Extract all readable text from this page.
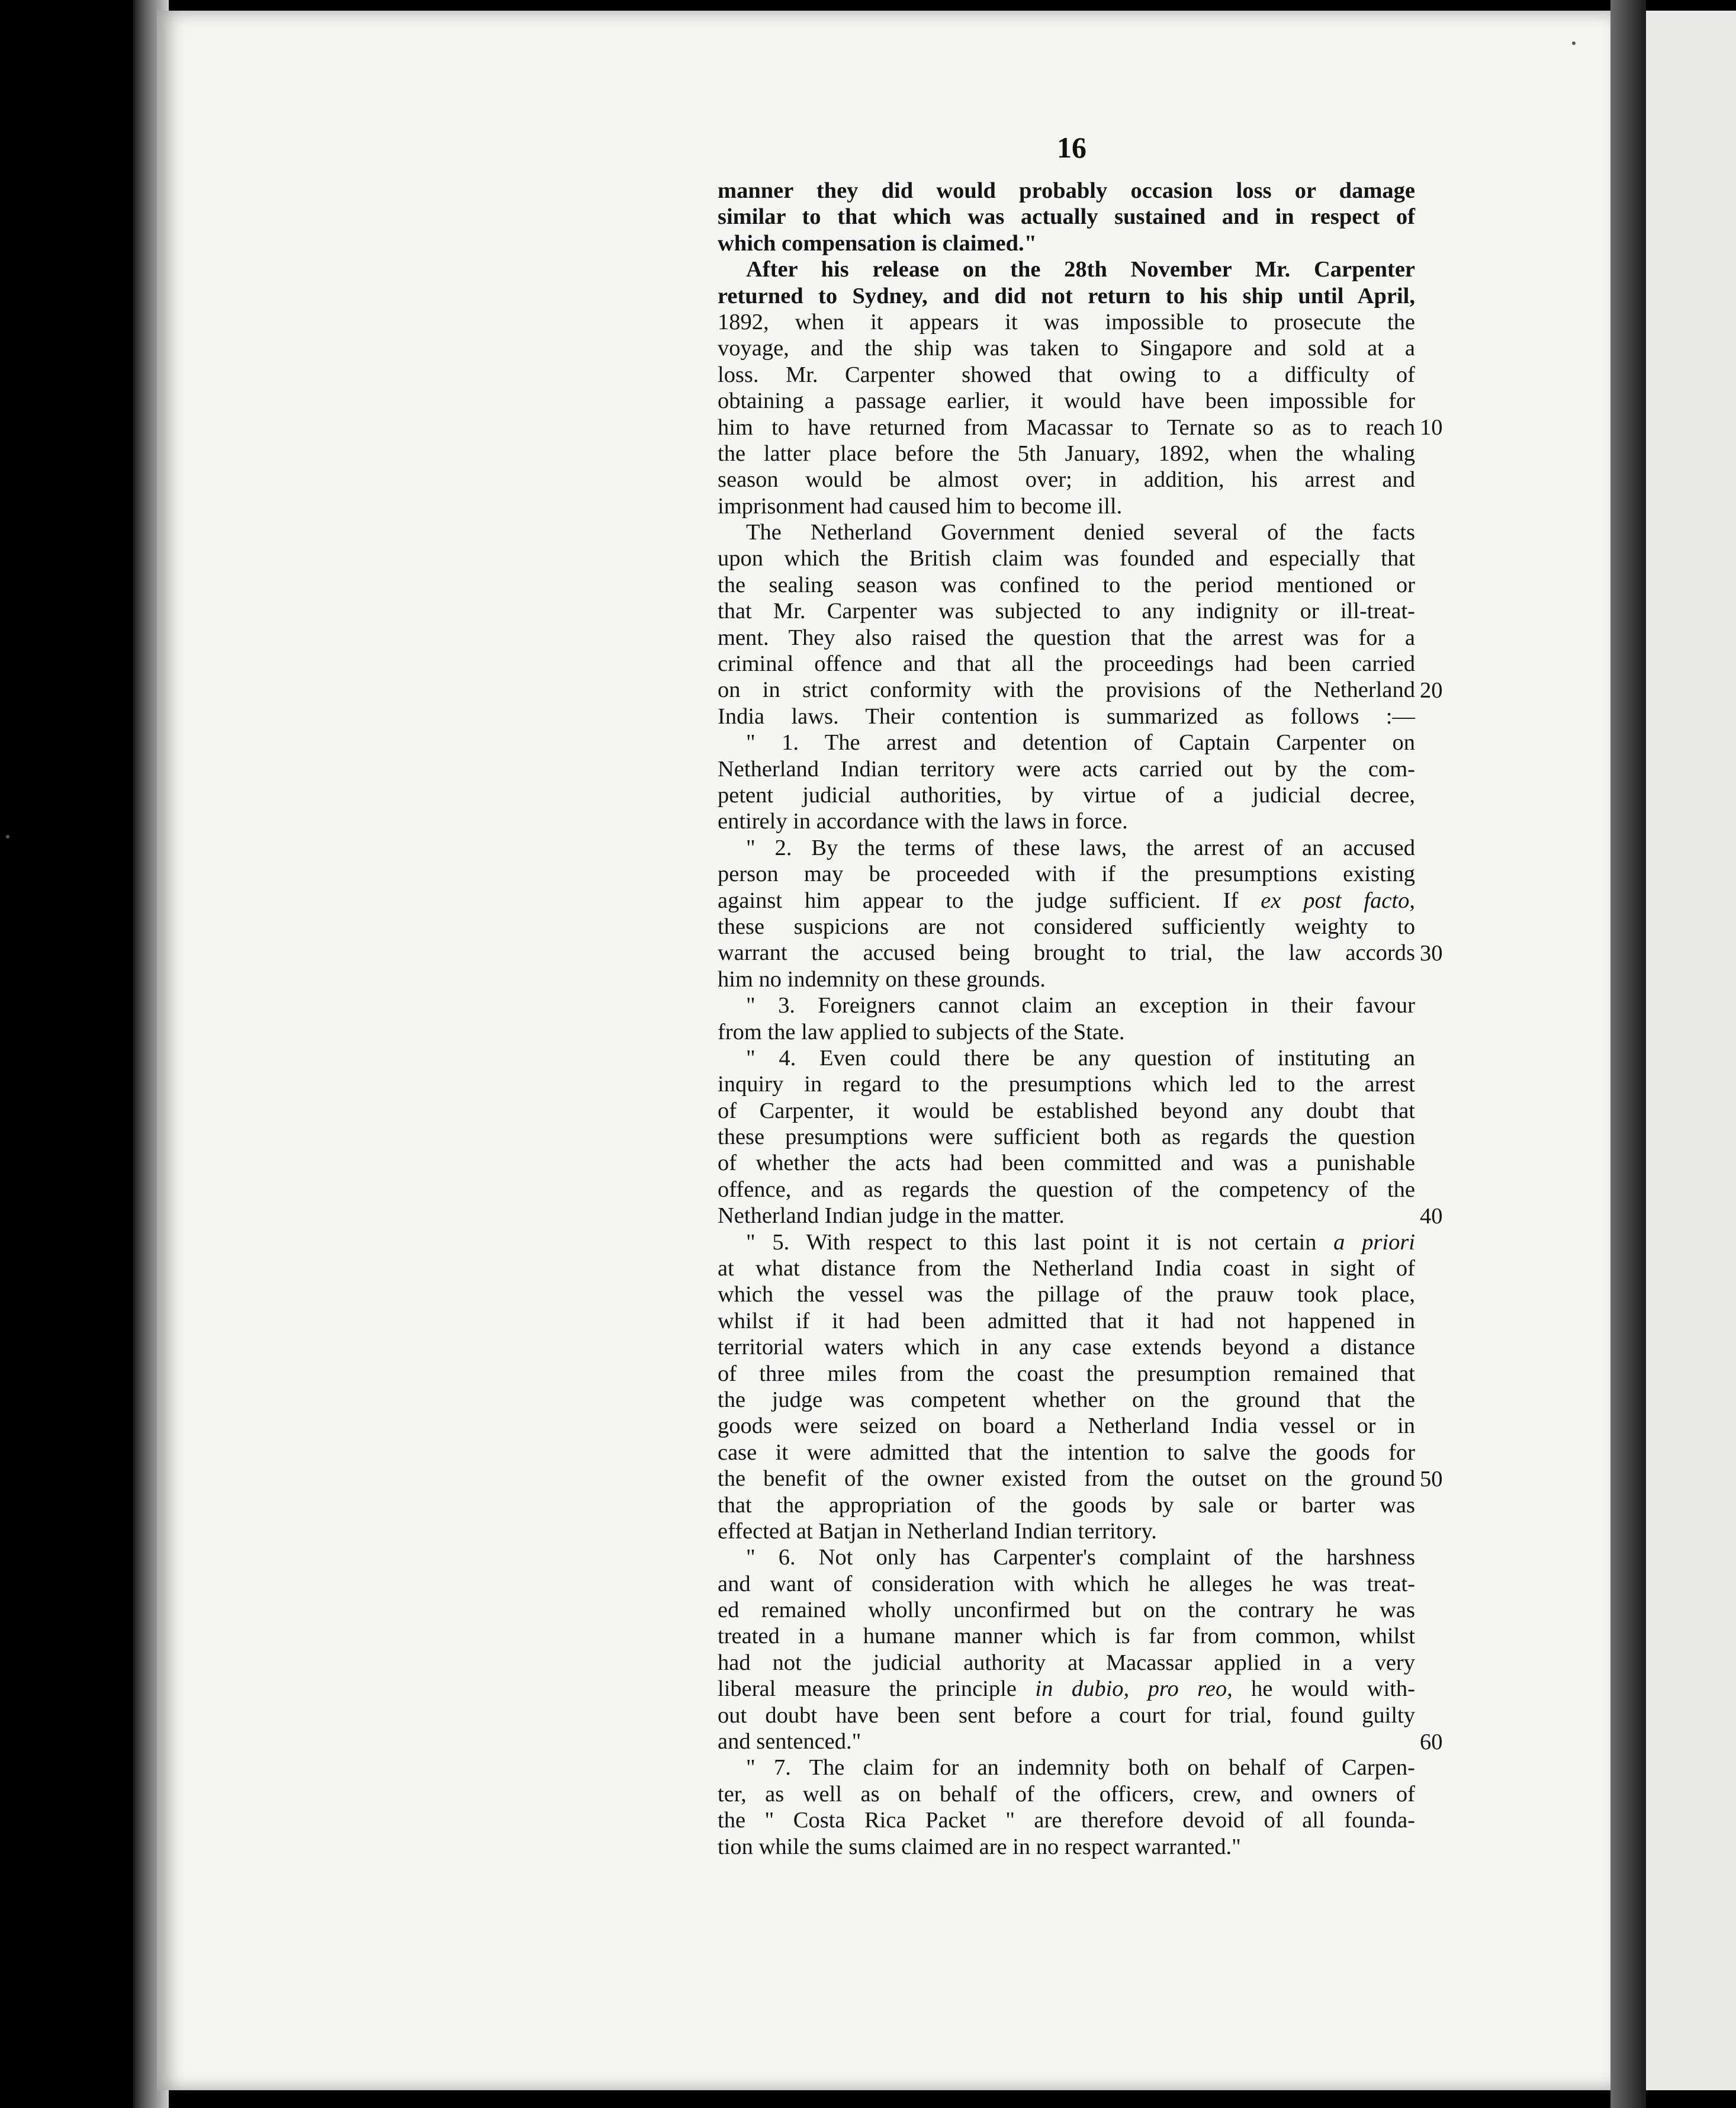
16
manner they did would probably occasion loss or damage
similar to that which was actually sustained and in respect of
which compensation is claimed."
After his release on the 28th November Mr. Carpenter
returned to Sydney, and did not return to his ship until April,
1892, when it appears it was impossible to prosecute the
voyage, and the ship was taken to Singapore and sold at a
loss. Mr. Carpenter showed that owing to a difficulty of
obtaining a passage earlier, it would have been impossible for
him to have returned from Macassar to Ternate so as to reach
the latter place before the 5th January, 1892, when the whaling
season would be almost over; in addition, his arrest and
imprisonment had caused him to become ill.
The Netherland Government denied several of the facts
upon which the British claim was founded and especially that
the sealing season was confined to the period mentioned or
that Mr. Carpenter was subjected to any indignity or ill-treat-
ment. They also raised the question that the arrest was for a
criminal offence and that all the proceedings had been carried
on in strict conformity with the provisions of the Netherland
India laws. Their contention is summarized as follows :—
" 1. The arrest and detention of Captain Carpenter on
Netherland Indian territory were acts carried out by the com-
petent judicial authorities, by virtue of a judicial decree,
entirely in accordance with the laws in force.
" 2. By the terms of these laws, the arrest of an accused
person may be proceeded with if the presumptions existing
against him appear to the judge sufficient. If ex post facto,
these suspicions are not considered sufficiently weighty to
warrant the accused being brought to trial, the law accords
him no indemnity on these grounds.
" 3. Foreigners cannot claim an exception in their favour
from the law applied to subjects of the State.
" 4. Even could there be any question of instituting an
inquiry in regard to the presumptions which led to the arrest
of Carpenter, it would be established beyond any doubt that
these presumptions were sufficient both as regards the question
of whether the acts had been committed and was a punishable
offence, and as regards the question of the competency of the
Netherland Indian judge in the matter.
" 5. With respect to this last point it is not certain a priori
at what distance from the Netherland India coast in sight of
which the vessel was the pillage of the prauw took place,
whilst if it had been admitted that it had not happened in
territorial waters which in any case extends beyond a distance
of three miles from the coast the presumption remained that
the judge was competent whether on the ground that the
goods were seized on board a Netherland India vessel or in
case it were admitted that the intention to salve the goods for
the benefit of the owner existed from the outset on the ground
that the appropriation of the goods by sale or barter was
effected at Batjan in Netherland Indian territory.
" 6. Not only has Carpenter's complaint of the harshness
and want of consideration with which he alleges he was treat-
ed remained wholly unconfirmed but on the contrary he was
treated in a humane manner which is far from common, whilst
had not the judicial authority at Macassar applied in a very
liberal measure the principle in dubio, pro reo, he would with-
out doubt have been sent before a court for trial, found guilty
and sentenced."
" 7. The claim for an indemnity both on behalf of Carpen-
ter, as well as on behalf of the officers, crew, and owners of
the " Costa Rica Packet " are therefore devoid of all founda-
tion while the sums claimed are in no respect warranted."
10
20
30
40
50
60
